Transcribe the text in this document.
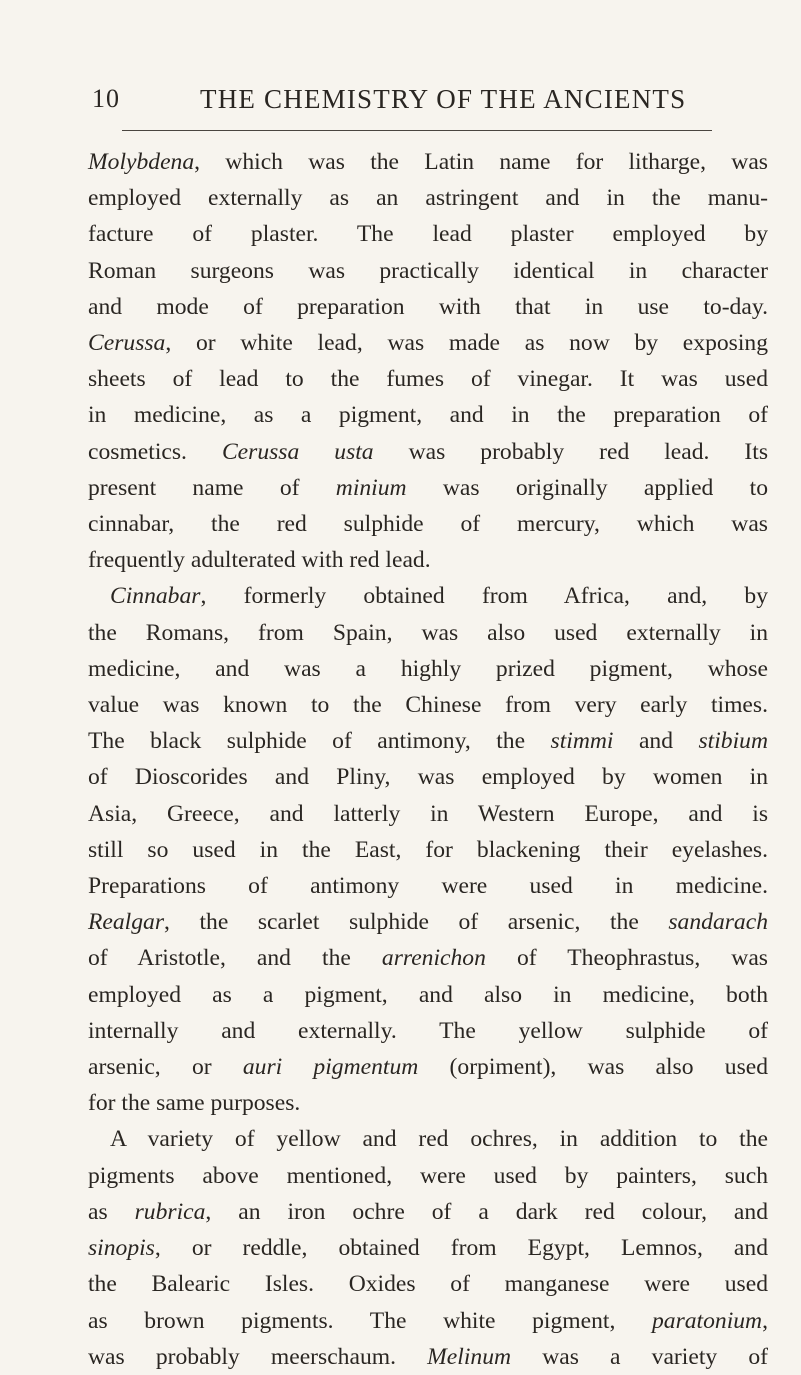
10	THE CHEMISTRY OF THE ANCIENTS
Molybdena, which was the Latin name for litharge, was
employed externally as an astringent and in the manu-
facture of plaster. The lead plaster employed by
Roman surgeons was practically identical in character
and mode of preparation with that in use to-day.
Cerussa, or white lead, was made as now by exposing
sheets of lead to the fumes of vinegar. It was used
in medicine, as a pigment, and in the preparation of
cosmetics. Cerussa usta was probably red lead. Its
present name of minium was originally applied to
cinnabar, the red sulphide of mercury, which was
frequently adulterated with red lead.
Cinnabar, formerly obtained from Africa, and, by
the Romans, from Spain, was also used externally in
medicine, and was a highly prized pigment, whose
value was known to the Chinese from very early times.
The black sulphide of antimony, the stimmi and stibium
of Dioscorides and Pliny, was employed by women in
Asia, Greece, and latterly in Western Europe, and is
still so used in the East, for blackening their eyelashes.
Preparations of antimony were used in medicine.
Realgar, the scarlet sulphide of arsenic, the sandarach
of Aristotle, and the arrenichon of Theophrastus, was
employed as a pigment, and also in medicine, both
internally and externally. The yellow sulphide of
arsenic, or auri pigmentum (orpiment), was also used
for the same purposes.
A variety of yellow and red ochres, in addition to the
pigments above mentioned, were used by painters, such
as rubrica, an iron ochre of a dark red colour, and
sinopis, or reddle, obtained from Egypt, Lemnos, and
the Balearic Isles. Oxides of manganese were used
as brown pigments. The white pigment, paratonium,
was probably meerschaum. Melinum was a variety of
